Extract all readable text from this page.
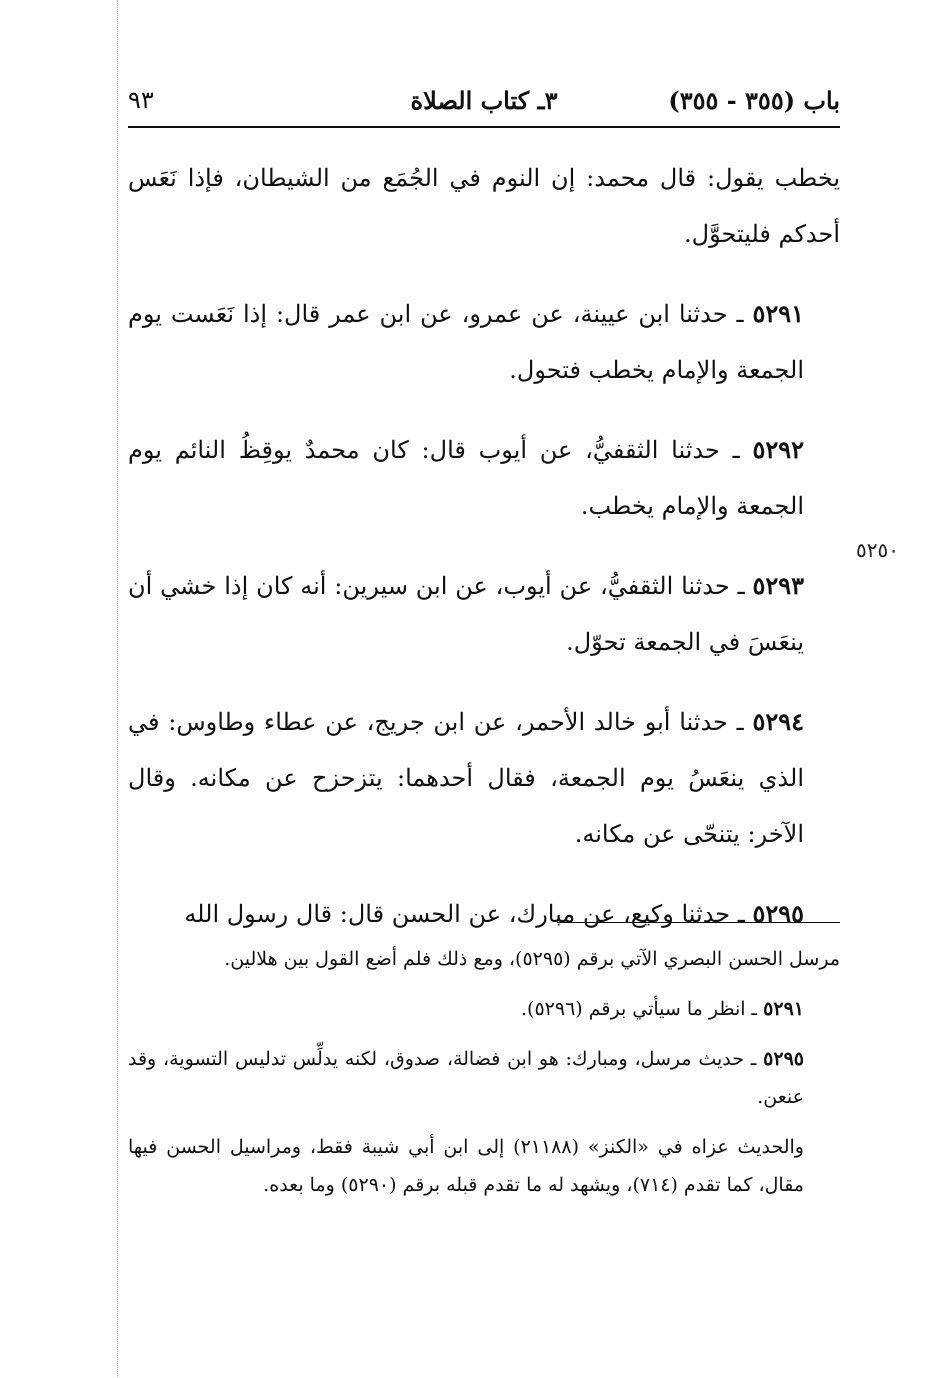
باب (٣٥٥ - ٣٥٥)
٣ـ كتاب الصلاة
٩٣

يخطب يقول: قال محمد: إن النوم في الجُمَع من الشيطان، فإذا نَعَس أحدكم فليتحوَّل.

٥٢٩١ ـ حدثنا ابن عيينة، عن عمرو، عن ابن عمر قال: إذا نَعَست يوم الجمعة والإمام يخطب فتحول.

٥٢٩٢ ـ حدثنا الثقفيُّ، عن أيوب قال: كان محمدٌ يوقِظُ النائم يوم الجمعة والإمام يخطب.

٥٢٩٣ ـ حدثنا الثقفيُّ، عن أيوب، عن ابن سيرين: أنه كان إذا خشي أن ينعَسَ في الجمعة تحوّل.

٥٢٩٤ ـ حدثنا أبو خالد الأحمر، عن ابن جريج، عن عطاء وطاوس: في الذي ينعَسُ يوم الجمعة، فقال أحدهما: يتزحزح عن مكانه. وقال الآخر: يتنحّى عن مكانه.

٥٢٩٥ ـ حدثنا وكيع، عن مبارك، عن الحسن قال: قال رسول الله

٥٢٥٠

مرسل الحسن البصري الآتي برقم (٥٢٩٥)، ومع ذلك فلم أضع القول بين هلالين.

٥٢٩١ ـ انظر ما سيأتي برقم (٥٢٩٦).

٥٢٩٥ ـ حديث مرسل، ومبارك: هو ابن فضالة، صدوق، لكنه يدلِّس تدليس التسوية، وقد عنعن.

والحديث عزاه في «الكنز» (٢١١٨٨) إلى ابن أبي شيبة فقط، ومراسيل الحسن فيها مقال، كما تقدم (٧١٤)، ويشهد له ما تقدم قبله برقم (٥٢٩٠) وما بعده.
